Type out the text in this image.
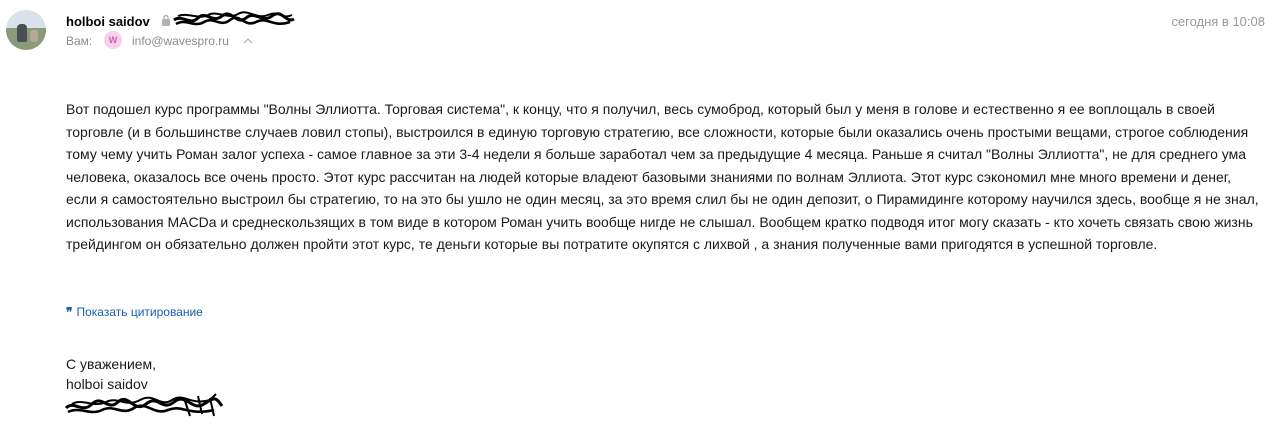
holboi saidov	сегодня в 10:08
Вам:	W	info@wavespro.ru

Вот подошел курс программы "Волны Эллиотта. Торговая система", к концу, что я получил, весь сумоброд, который был у меня в голове и естественно я ее воплощаль в своей торговле (и в большинстве случаев ловил стопы), выстроился в единую торговую стратегию, все сложности, которые были оказались очень простыми вещами, строгое соблюдения тому чему учить Роман залог успеха - самое главное за эти 3-4 недели я больше заработал чем за предыдущие 4 месяца. Раньше я считал "Волны Эллиотта", не для среднего ума человека, оказалось все очень просто. Этот курс рассчитан на людей которые владеют базовыми знаниями по волнам Эллиота. Этот курс сэкономил мне много времени и денег, если я самостоятельно выстроил бы стратегию, то на это бы ушло не один месяц, за это время слил бы не один депозит, о Пирамидинге которому научился здесь, вообще я не знал, использования MACDa и среднескользящих в том виде в котором Роман учить вообще нигде не слышал. Вообщем кратко подводя итог могу сказать - кто хочеть связать свою жизнь трейдингом он обязательно должен пройти этот курс, те деньги которые вы потратите окупятся с лихвой , а знания полученные вами пригодятся в успешной торговле.

❞ Показать цитирование
С уважением,
holboi saidov
